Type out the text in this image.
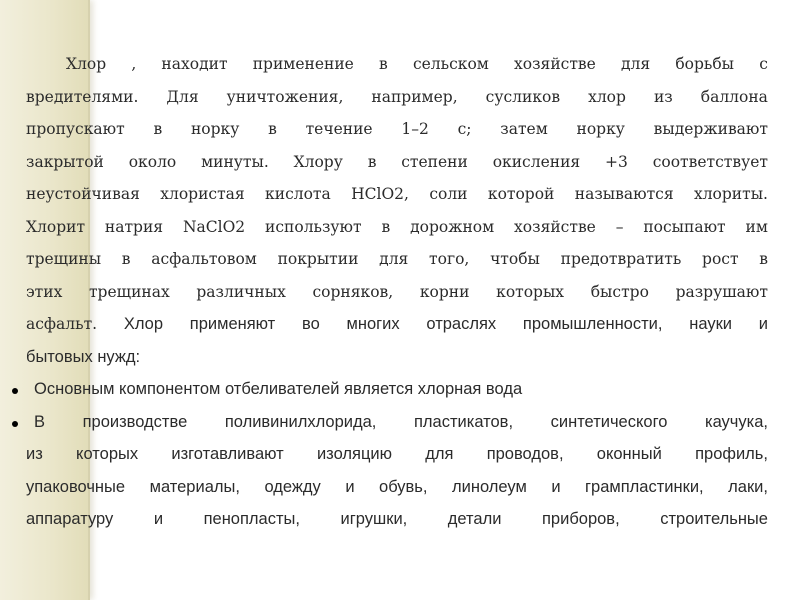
Хлор , находит применение в сельском хозяйстве для борьбы с
вредителями. Для уничтожения, например, сусликов хлор из баллона
пропускают в норку в течение 1–2 с; затем норку выдерживают
закрытой около минуты. Хлору в степени окисления +3 соответствует
неустойчивая хлористая кислота HClO2, соли которой называются хлориты.
Хлорит натрия NaClO2 используют в дорожном хозяйстве – посыпают им
трещины в асфальтовом покрытии для того, чтобы предотвратить рост в
этих трещинах различных сорняков, корни которых быстро разрушают
асфальт. Хлор применяют во многих отраслях промышленности, науки и
бытовых нужд:
Основным компонентом отбеливателей является хлорная вода
В производстве поливинилхлорида, пластикатов, синтетического каучука,
из которых изготавливают изоляцию для проводов, оконный профиль,
упаковочные материалы, одежду и обувь, линолеум и грампластинки, лаки,
аппаратуру и пенопласты, игрушки, детали приборов, строительные
